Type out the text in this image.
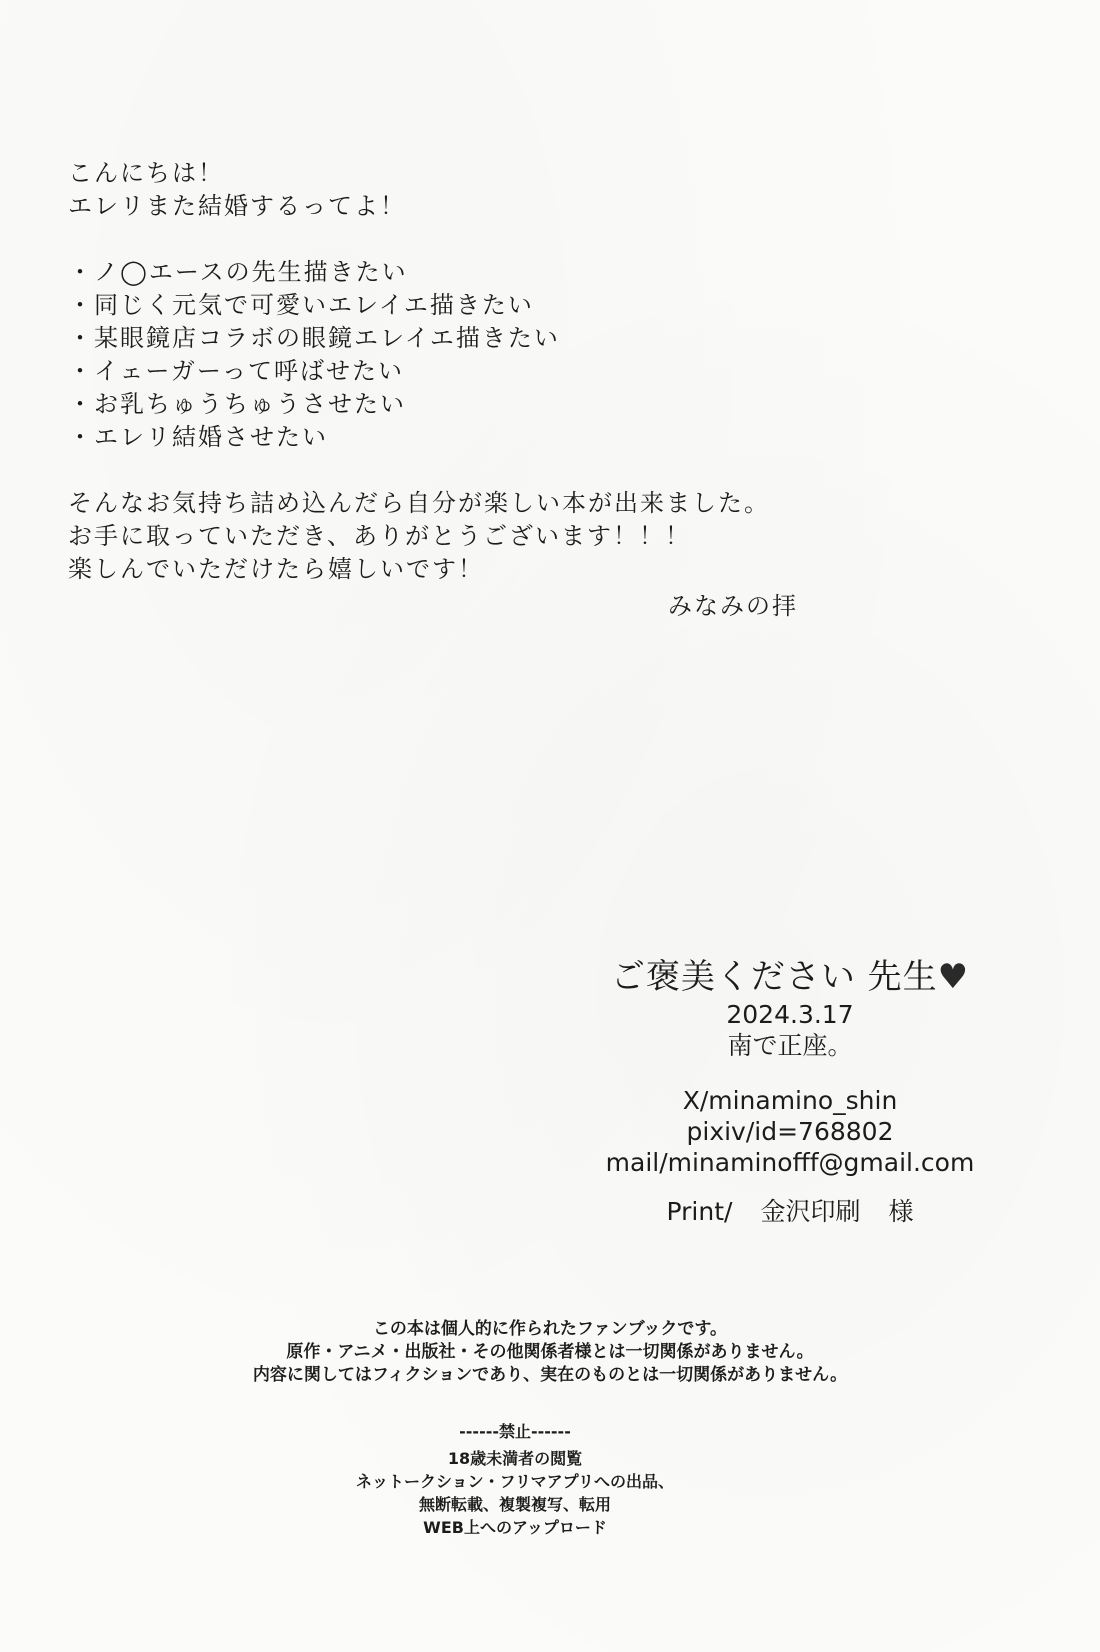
こんにちは！
エレリまた結婚するってよ！
・ノ◯エースの先生描きたい
・同じく元気で可愛いエレイエ描きたい
・某眼鏡店コラボの眼鏡エレイエ描きたい
・イェーガーって呼ばせたい
・お乳ちゅうちゅうさせたい
・エレリ結婚させたい
そんなお気持ち詰め込んだら自分が楽しい本が出来ました。
お手に取っていただき、ありがとうございます！！！
楽しんでいただけたら嬉しいです！
みなみの拝
ご褒美ください 先生♥
2024.3.17
南で正座。
X/minamino_shin
pixiv/id=768802
mail/minaminofff@gmail.com
Print/ 金沢印刷 様
この本は個人的に作られたファンブックです。
原作・アニメ・出版社・その他関係者様とは一切関係がありません。
内容に関してはフィクションであり、実在のものとは一切関係がありません。
------禁止------
18歳未満者の閲覧
ネットークション・フリマアプリへの出品、
無断転載、複製複写、転用
WEB上へのアップロード
